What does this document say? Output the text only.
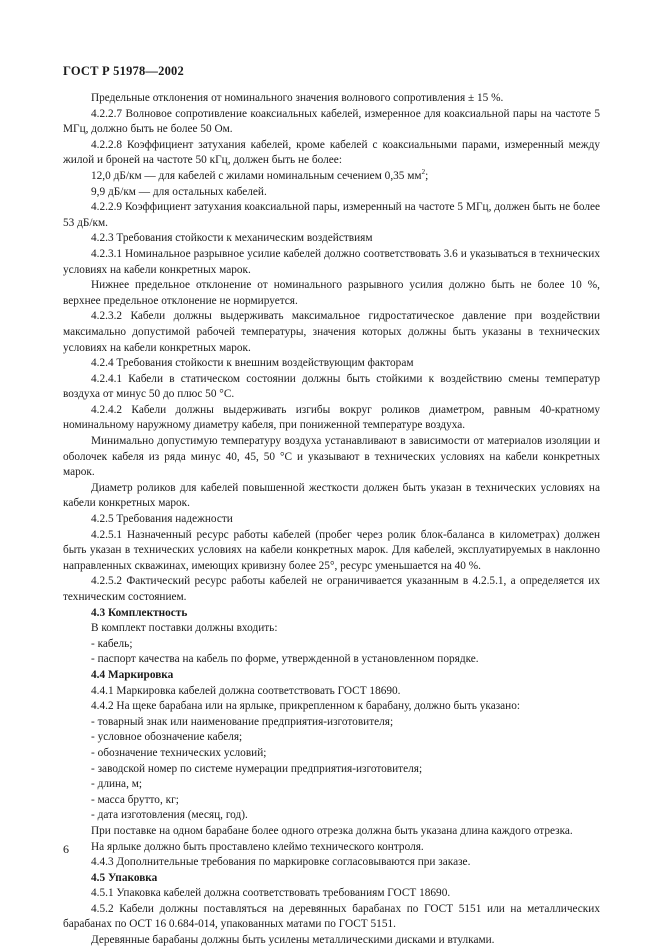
ГОСТ Р 51978—2002

Предельные отклонения от номинального значения волнового сопротивления ± 15 %.

4.2.2.7 Волновое сопротивление коаксиальных кабелей, измеренное для коаксиальной пары на частоте 5 МГц, должно быть не более 50 Ом.

4.2.2.8 Коэффициент затухания кабелей, кроме кабелей с коаксиальными парами, измеренный между жилой и броней на частоте 50 кГц, должен быть не более:

12,0 дБ/км — для кабелей с жилами номинальным сечением 0,35 $мм^2$;

9,9 дБ/км — для остальных кабелей.

4.2.2.9 Коэффициент затухания коаксиальной пары, измеренный на частоте 5 МГц, должен быть не более 53 дБ/км.

4.2.3 Требования стойкости к механическим воздействиям

4.2.3.1 Номинальное разрывное усилие кабелей должно соответствовать 3.6 и указываться в технических условиях на кабели конкретных марок.

Нижнее предельное отклонение от номинального разрывного усилия должно быть не более 10 %, верхнее предельное отклонение не нормируется.

4.2.3.2 Кабели должны выдерживать максимальное гидростатическое давление при воздействии максимально допустимой рабочей температуры, значения которых должны быть указаны в технических условиях на кабели конкретных марок.

4.2.4 Требования стойкости к внешним воздействующим факторам

4.2.4.1 Кабели в статическом состоянии должны быть стойкими к воздействию смены температур воздуха от минус 50 до плюс 50 °С.

4.2.4.2 Кабели должны выдерживать изгибы вокруг роликов диаметром, равным 40-кратному номинальному наружному диаметру кабеля, при пониженной температуре воздуха.

Минимально допустимую температуру воздуха устанавливают в зависимости от материалов изоляции и оболочек кабеля из ряда минус 40, 45, 50 °С и указывают в технических условиях на кабели конкретных марок.

Диаметр роликов для кабелей повышенной жесткости должен быть указан в технических условиях на кабели конкретных марок.

4.2.5 Требования надежности

4.2.5.1 Назначенный ресурс работы кабелей (пробег через ролик блок-баланса в километрах) должен быть указан в технических условиях на кабели конкретных марок. Для кабелей, эксплуатируемых в наклонно направленных скважинах, имеющих кривизну более 25°, ресурс уменьшается на 40 %.

4.2.5.2 Фактический ресурс работы кабелей не ограничивается указанным в 4.2.5.1, а определяется их техническим состоянием.

4.3 Комплектность

В комплект поставки должны входить:

- кабель;

- паспорт качества на кабель по форме, утвержденной в установленном порядке.

4.4 Маркировка

4.4.1 Маркировка кабелей должна соответствовать ГОСТ 18690.

4.4.2 На щеке барабана или на ярлыке, прикрепленном к барабану, должно быть указано:

- товарный знак или наименование предприятия-изготовителя;

- условное обозначение кабеля;

- обозначение технических условий;

- заводской номер по системе нумерации предприятия-изготовителя;

- длина, м;

- масса брутто, кг;

- дата изготовления (месяц, год).

При поставке на одном барабане более одного отрезка должна быть указана длина каждого отрезка.

На ярлыке должно быть проставлено клеймо технического контроля.

4.4.3 Дополнительные требования по маркировке согласовываются при заказе.

4.5 Упаковка

4.5.1 Упаковка кабелей должна соответствовать требованиям ГОСТ 18690.

4.5.2 Кабели должны поставляться на деревянных барабанах по ГОСТ 5151 или на металлических барабанах по ОСТ 16 0.684-014, упакованных матами по ГОСТ 5151.

Деревянные барабаны должны быть усилены металлическими дисками и втулками.

6
